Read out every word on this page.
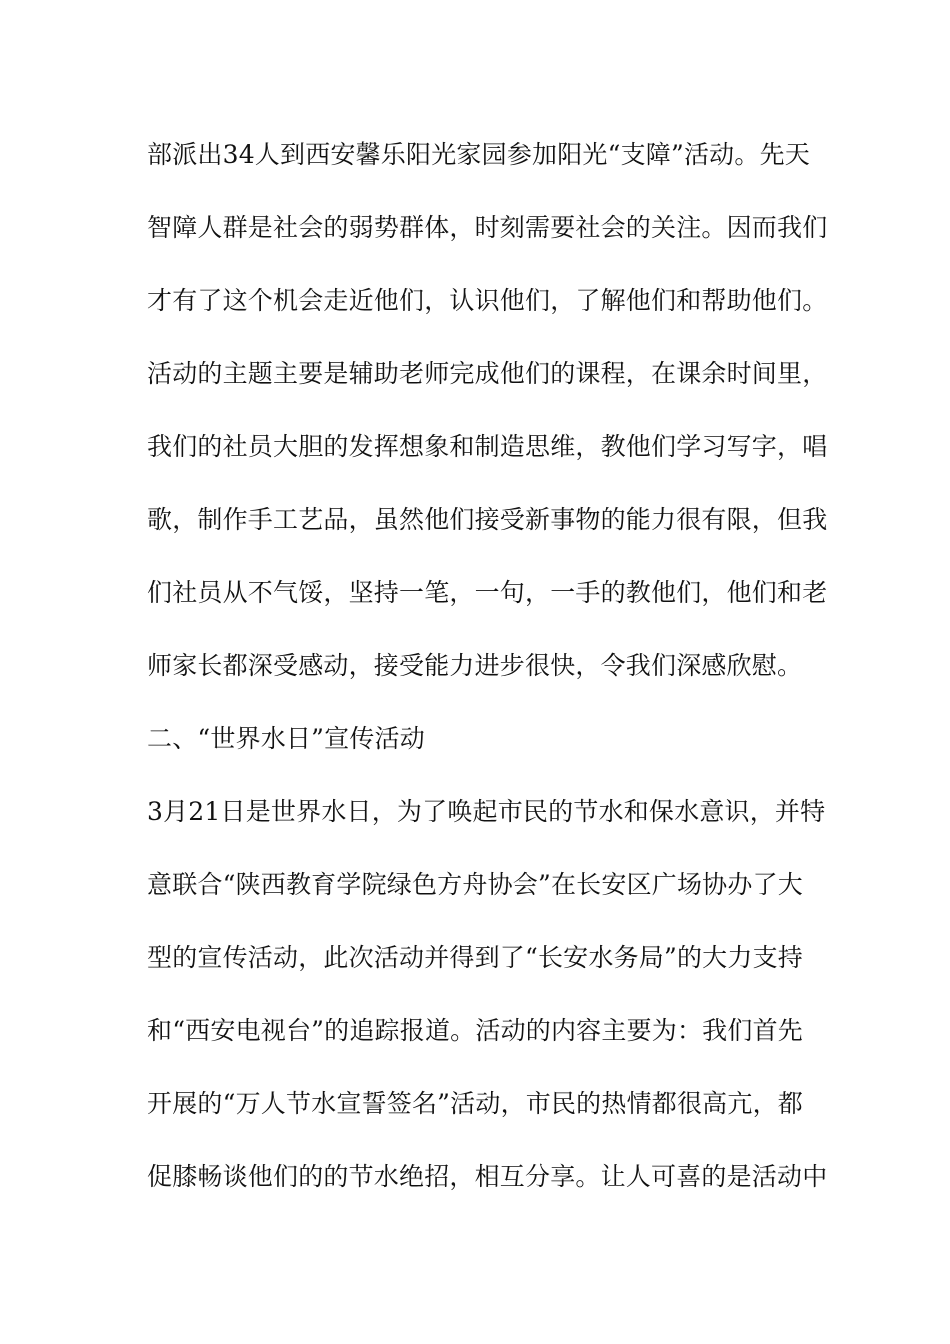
部派出34人到西安馨乐阳光家园参加阳光“支障”活动。先天
智障人群是社会的弱势群体，时刻需要社会的关注。因而我们
才有了这个机会走近他们，认识他们，了解他们和帮助他们。
活动的主题主要是辅助老师完成他们的课程，在课余时间里，
我们的社员大胆的发挥想象和制造思维，教他们学习写字，唱
歌，制作手工艺品，虽然他们接受新事物的能力很有限，但我
们社员从不气馁，坚持一笔，一句，一手的教他们，他们和老
师家长都深受感动，接受能力进步很快，令我们深感欣慰。
二、“世界水日”宣传活动
3月21日是世界水日，为了唤起市民的节水和保水意识，并特
意联合“陕西教育学院绿色方舟协会”在长安区广场协办了大
型的宣传活动，此次活动并得到了“长安水务局”的大力支持
和“西安电视台”的追踪报道。活动的内容主要为：我们首先
开展的“万人节水宣誓签名”活动，市民的热情都很高亢，都
促膝畅谈他们的的节水绝招，相互分享。让人可喜的是活动中
